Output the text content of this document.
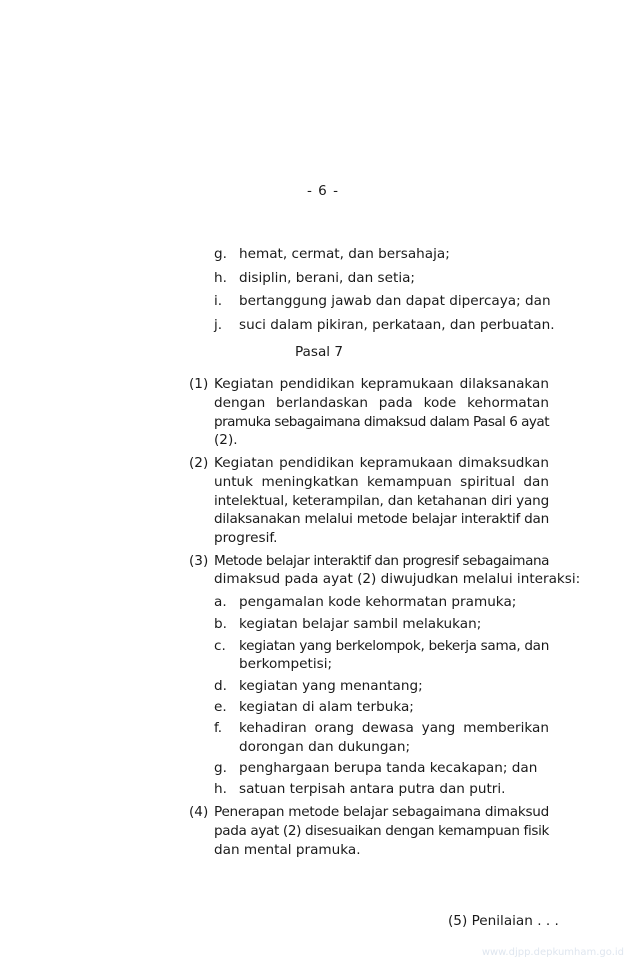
- 6 -
g. hemat, cermat, dan bersahaja;
h. disiplin, berani, dan setia;
i. bertanggung jawab dan dapat dipercaya; dan
j. suci dalam pikiran, perkataan, dan perbuatan.
Pasal 7
(1) Kegiatan pendidikan kepramukaan dilaksanakan
dengan berlandaskan pada kode kehormatan
pramuka sebagaimana dimaksud dalam Pasal 6 ayat
(2).
(2) Kegiatan pendidikan kepramukaan dimaksudkan
untuk meningkatkan kemampuan spiritual dan
intelektual, keterampilan, dan ketahanan diri yang
dilaksanakan melalui metode belajar interaktif dan
progresif.
(3) Metode belajar interaktif dan progresif sebagaimana
dimaksud pada ayat (2) diwujudkan melalui interaksi:
a. pengamalan kode kehormatan pramuka;
b. kegiatan belajar sambil melakukan;
c. kegiatan yang berkelompok, bekerja sama, dan
berkompetisi;
d. kegiatan yang menantang;
e. kegiatan di alam terbuka;
f. kehadiran orang dewasa yang memberikan
dorongan dan dukungan;
g. penghargaan berupa tanda kecakapan; dan
h. satuan terpisah antara putra dan putri.
(4) Penerapan metode belajar sebagaimana dimaksud
pada ayat (2) disesuaikan dengan kemampuan fisik
dan mental pramuka.
(5) Penilaian . . .
www.djpp.depkumham.go.id
